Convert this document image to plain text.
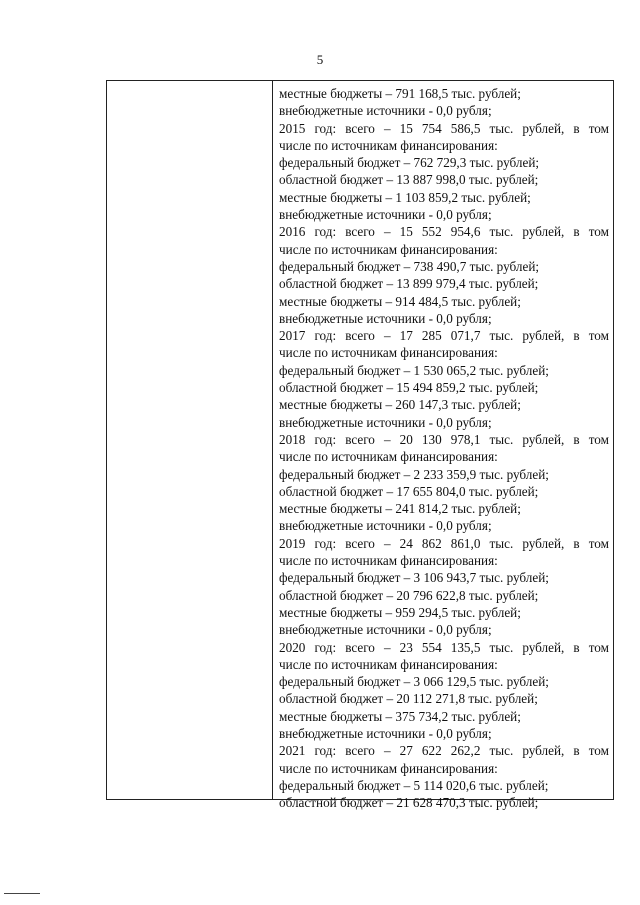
5
местные бюджеты – 791 168,5 тыс. рублей;
внебюджетные источники - 0,0 рубля;
2015 год: всего – 15 754 586,5 тыс. рублей, в том
числе по источникам финансирования:
федеральный бюджет – 762 729,3 тыс. рублей;
областной бюджет – 13 887 998,0 тыс. рублей;
местные бюджеты – 1 103 859,2 тыс. рублей;
внебюджетные источники - 0,0 рубля;
2016 год: всего – 15 552 954,6 тыс. рублей, в том
числе по источникам финансирования:
федеральный бюджет – 738 490,7 тыс. рублей;
областной бюджет – 13 899 979,4 тыс. рублей;
местные бюджеты – 914 484,5 тыс. рублей;
внебюджетные источники - 0,0 рубля;
2017 год: всего – 17 285 071,7 тыс. рублей, в том
числе по источникам финансирования:
федеральный бюджет – 1 530 065,2 тыс. рублей;
областной бюджет – 15 494 859,2 тыс. рублей;
местные бюджеты – 260 147,3 тыс. рублей;
внебюджетные источники - 0,0 рубля;
2018 год: всего – 20 130 978,1 тыс. рублей, в том
числе по источникам финансирования:
федеральный бюджет – 2 233 359,9 тыс. рублей;
областной бюджет – 17 655 804,0 тыс. рублей;
местные бюджеты – 241 814,2 тыс. рублей;
внебюджетные источники - 0,0 рубля;
2019 год: всего – 24 862 861,0 тыс. рублей, в том
числе по источникам финансирования:
федеральный бюджет – 3 106 943,7 тыс. рублей;
областной бюджет – 20 796 622,8 тыс. рублей;
местные бюджеты – 959 294,5 тыс. рублей;
внебюджетные источники - 0,0 рубля;
2020 год: всего – 23 554 135,5 тыс. рублей, в том
числе по источникам финансирования:
федеральный бюджет – 3 066 129,5 тыс. рублей;
областной бюджет – 20 112 271,8 тыс. рублей;
местные бюджеты – 375 734,2 тыс. рублей;
внебюджетные источники - 0,0 рубля;
2021 год: всего – 27 622 262,2 тыс. рублей, в том
числе по источникам финансирования:
федеральный бюджет – 5 114 020,6 тыс. рублей;
областной бюджет – 21 628 470,3 тыс. рублей;
